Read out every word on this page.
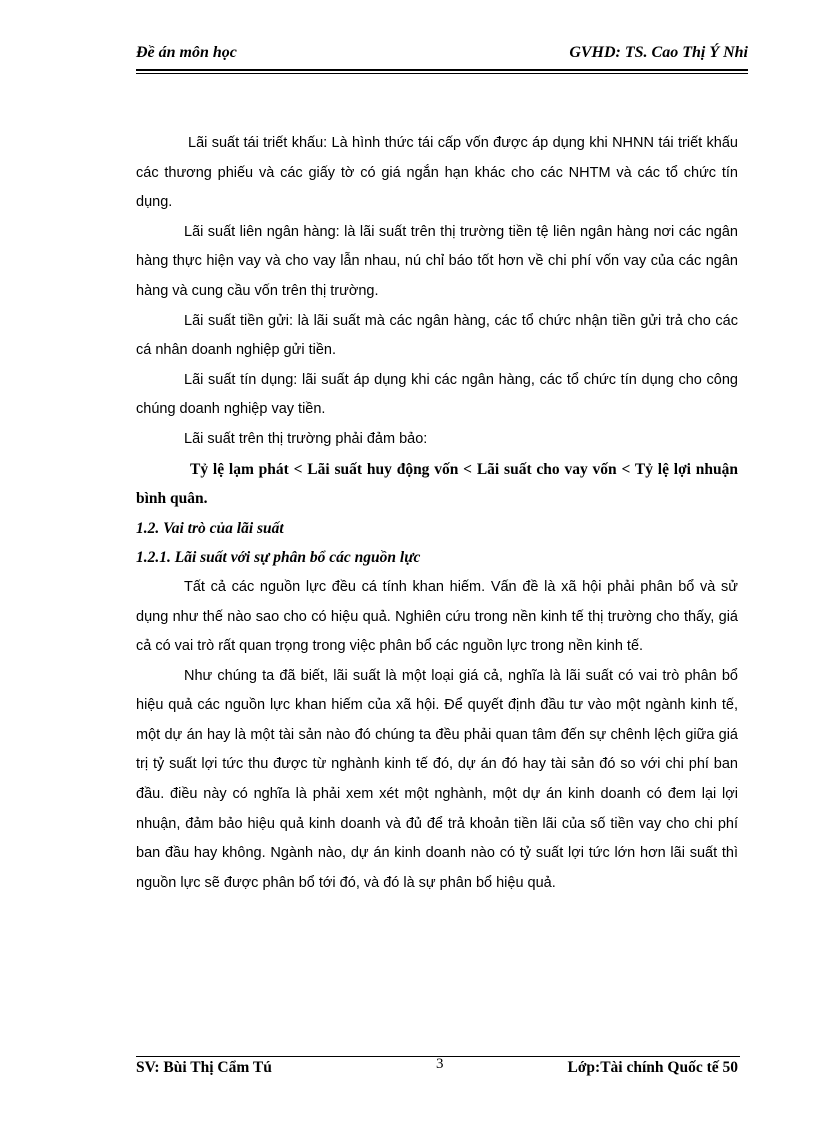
Đề án môn học	GVHD: TS. Cao Thị Ý Nhi

Lãi suất tái triết khấu: Là hình thức tái cấp vốn được áp dụng khi NHNN tái triết khấu các thương phiếu và các giấy tờ có giá ngắn hạn khác cho các NHTM và các tổ chức tín dụng.

Lãi suất liên ngân hàng: là lãi suất trên thị trường tiền tệ liên ngân hàng nơi các ngân hàng thực hiện vay và cho vay lẫn nhau, nú chỉ báo tốt hơn về chi phí vốn vay của các ngân hàng và cung cầu vốn trên thị trường.

Lãi suất tiền gửi: là lãi suất mà các ngân hàng, các tổ chức nhận tiền gửi trả cho các cá nhân doanh nghiệp gửi tiền.

Lãi suất tín dụng: lãi suất áp dụng khi các ngân hàng, các tổ chức tín dụng cho công chúng doanh nghiệp vay tiền.

Lãi suất trên thị trường phải đảm bảo:

Tỷ lệ lạm phát < Lãi suất huy động vốn < Lãi suất cho vay vốn < Tỷ lệ lợi nhuận bình quân.

1.2. Vai trò của lãi suất
1.2.1. Lãi suất với sự phân bổ các nguồn lực

Tất cả các nguồn lực đều cá tính khan hiếm. Vấn đề là xã hội phải phân bổ và sử dụng như thế nào sao cho có hiệu quả. Nghiên cứu trong nền kinh tế thị trường cho thấy, giá cả có vai trò rất quan trọng trong việc phân bổ các nguồn lực trong nền kinh tế.

Như chúng ta đã biết, lãi suất là một loại giá cả, nghĩa là lãi suất có vai trò phân bổ hiệu quả các nguồn lực khan hiếm của xã hội. Để quyết định đầu tư vào một ngành kinh tế, một dự án hay là một tài sản nào đó chúng ta đều phải quan tâm đến sự chênh lệch giữa giá trị tỷ suất lợi tức thu được từ nghành kinh tế đó, dự án đó hay tài sản đó so với chi phí ban đầu. điều này có nghĩa là phải xem xét một nghành, một dự án kinh doanh có đem lại lợi nhuận, đảm bảo hiệu quả kinh doanh và đủ để trả khoản tiền lãi của số tiền vay cho chi phí ban đầu hay không. Ngành nào, dự án kinh doanh nào có tỷ suất lợi tức lớn hơn lãi suất thì nguồn lực sẽ được phân bổ tới đó, và đó là sự phân bổ hiệu quả.

SV: Bùi Thị Cẩm Tú	3	Lớp:Tài chính Quốc tế 50
